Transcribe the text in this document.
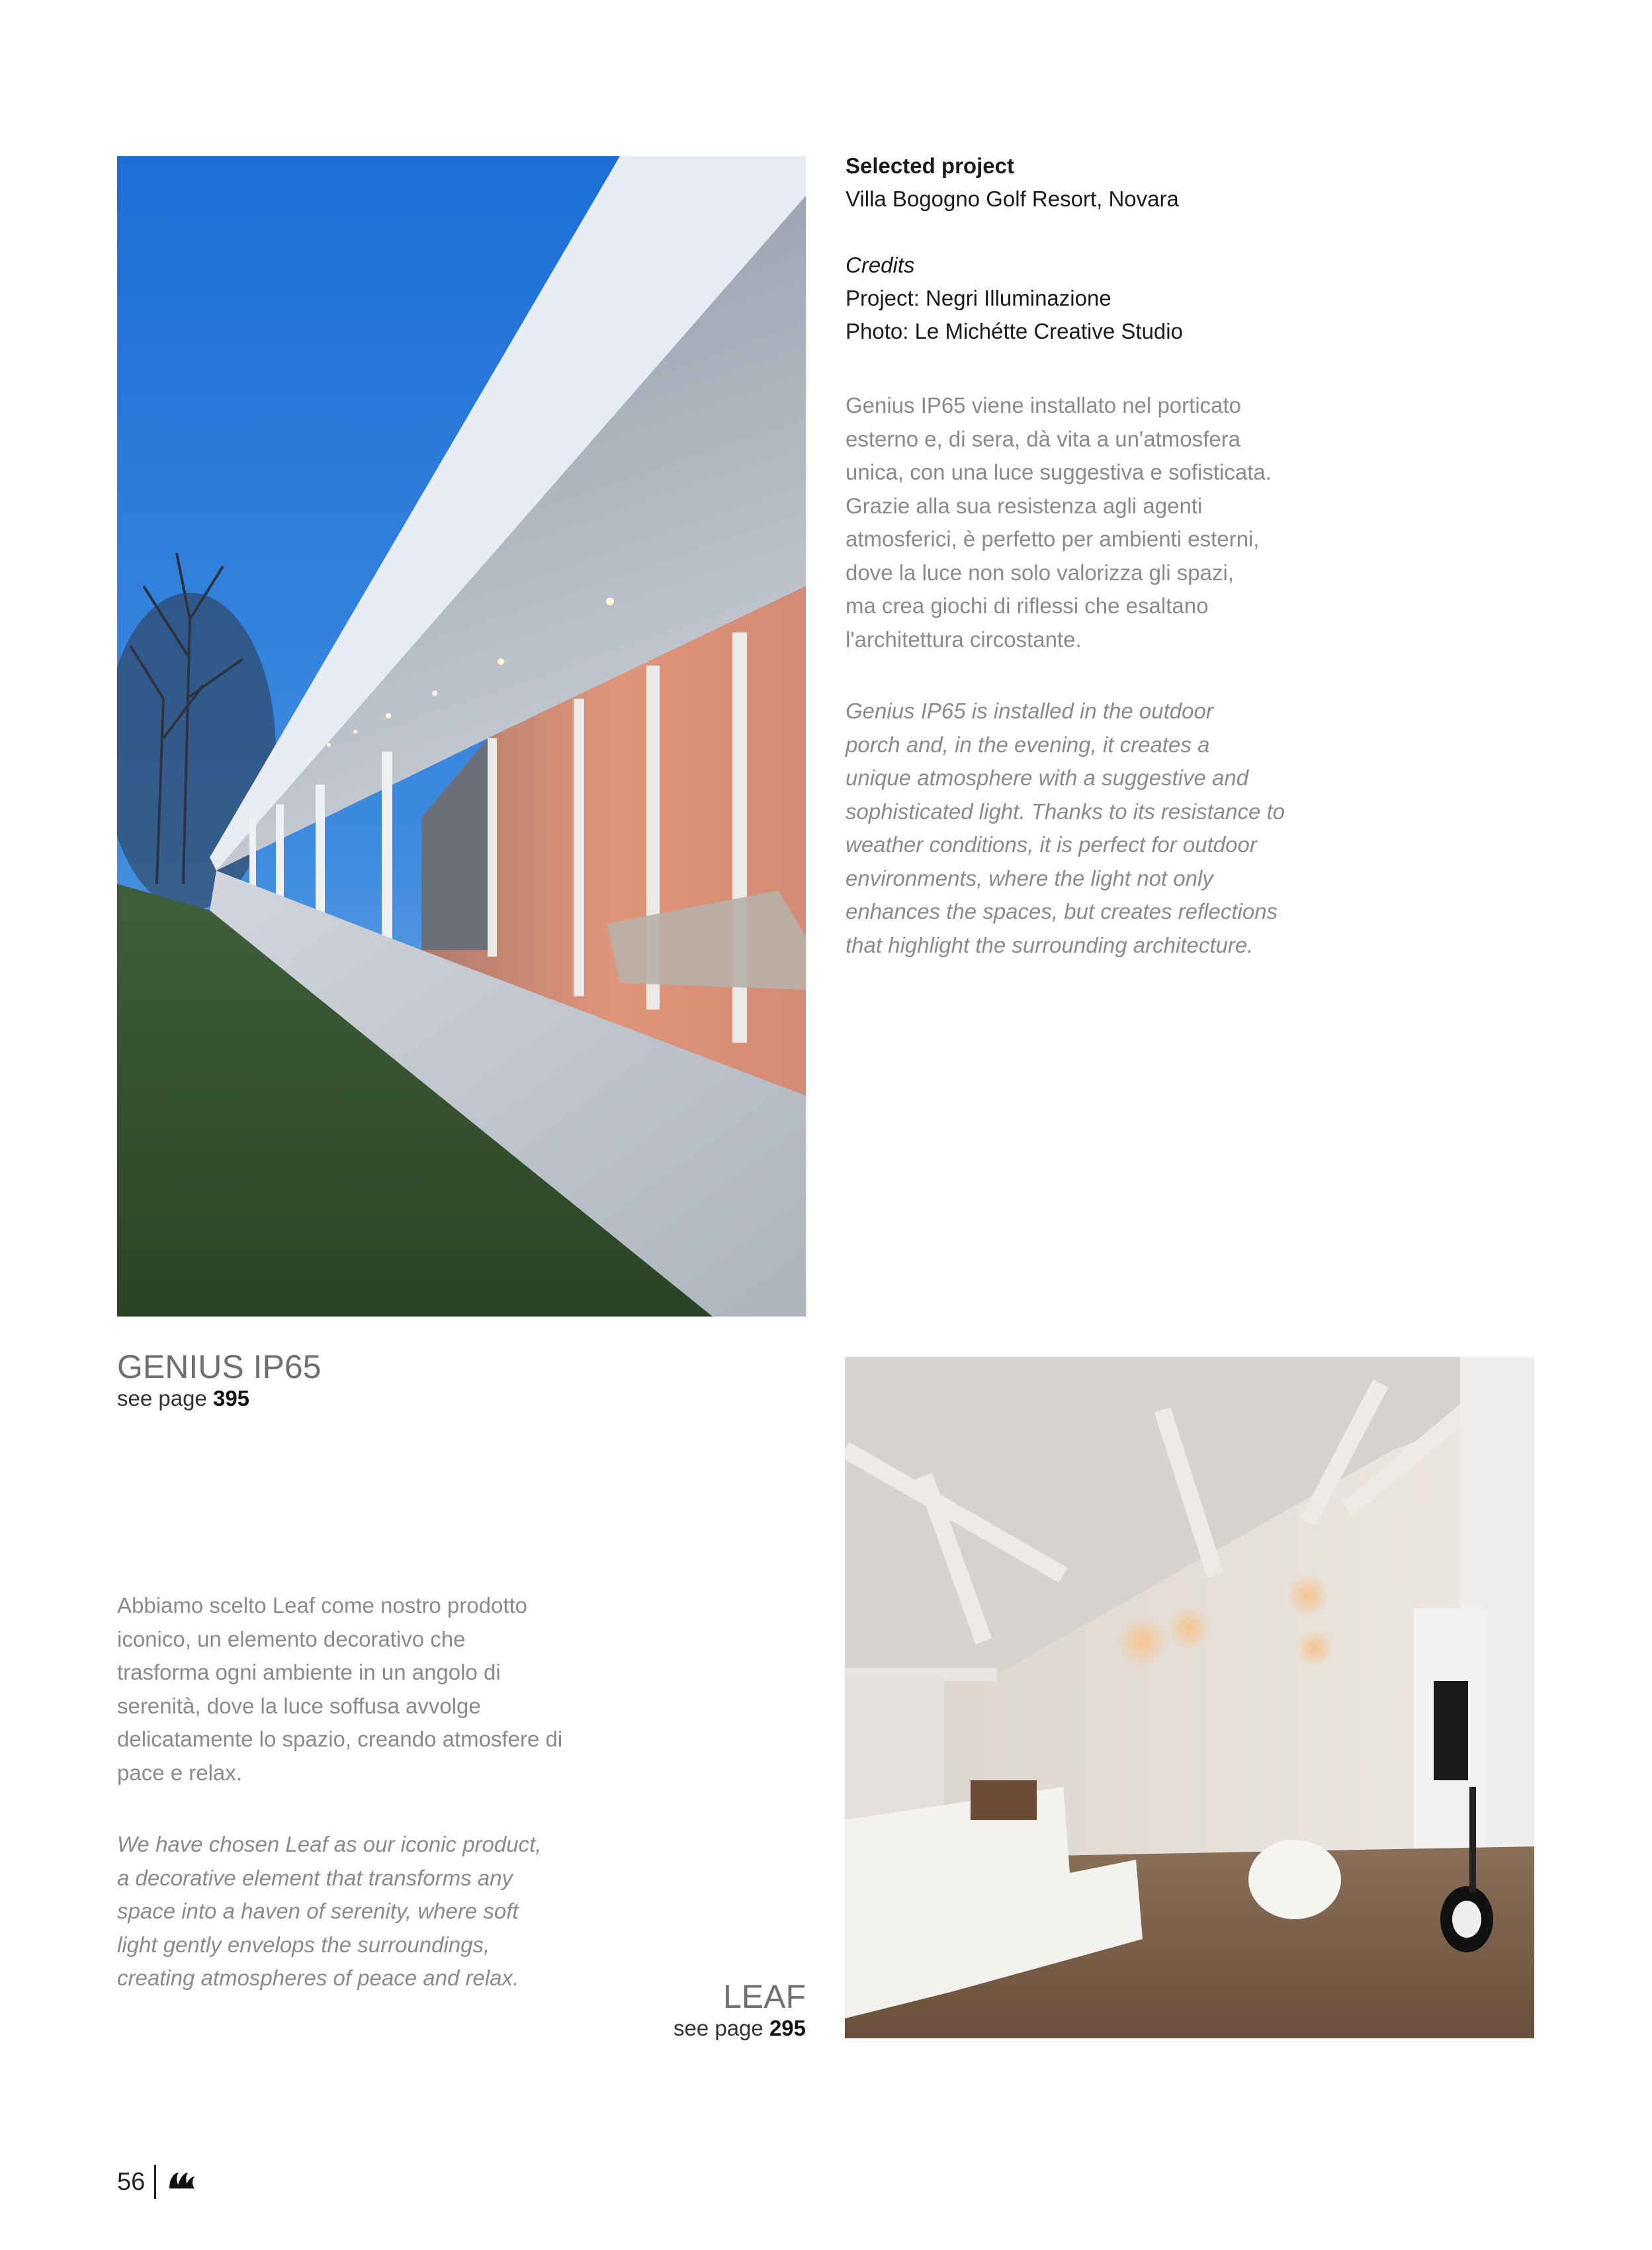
Selected project
Villa Bogogno Golf Resort, Novara
Credits
Project: Negri Illuminazione
Photo: Le Michétte Creative Studio
Genius IP65 viene installato nel porticato
esterno e, di sera, dà vita a un'atmosfera
unica, con una luce suggestiva e sofisticata.
Grazie alla sua resistenza agli agenti
atmosferici, è perfetto per ambienti esterni,
dove la luce non solo valorizza gli spazi,
ma crea giochi di riflessi che esaltano
l'architettura circostante.
Genius IP65 is installed in the outdoor
porch and, in the evening, it creates a
unique atmosphere with a suggestive and
sophisticated light. Thanks to its resistance to
weather conditions, it is perfect for outdoor
environments, where the light not only
enhances the spaces, but creates reflections
that highlight the surrounding architecture.
GENIUS IP65
see page 395
Abbiamo scelto Leaf come nostro prodotto
iconico, un elemento decorativo che
trasforma ogni ambiente in un angolo di
serenità, dove la luce soffusa avvolge
delicatamente lo spazio, creando atmosfere di
pace e relax.
We have chosen Leaf as our iconic product,
a decorative element that transforms any
space into a haven of serenity, where soft
light gently envelops the surroundings,
creating atmospheres of peace and relax.
LEAF
see page 295
56
